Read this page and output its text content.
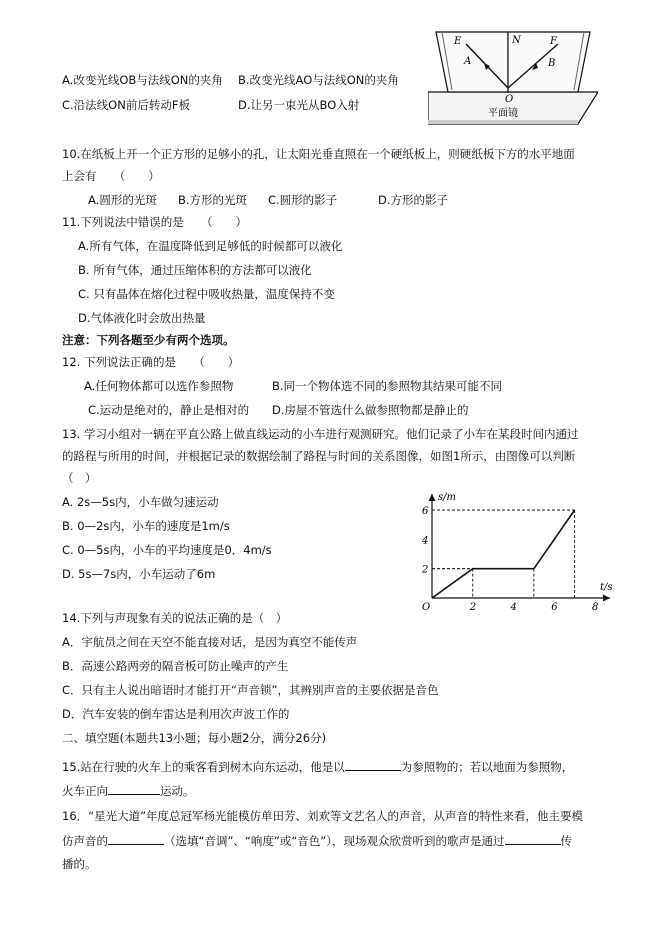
A.改变光线OB与法线ON的夹角 B.改变光线AO与法线ON的夹角
C.沿法线ON前后转动F板	D.让另一束光从BO入射
E	N	F
A	B
O
平面镜
10.在纸板上开一个正方形的足够小的孔，让太阳光垂直照在一个硬纸板上，则硬纸板下方的水平地面
上会有　　（　　）
A.圆形的光斑 B.方形的光斑 C.圆形的影子	D.方形的影子
11.下列说法中错误的是　　（　　）
A.所有气体，在温度降低到足够低的时候都可以液化
B. 所有气体，通过压缩体积的方法都可以液化
C. 只有晶体在熔化过程中吸收热量，温度保持不变
D.气体液化时会放出热量
注意：下列各题至少有两个选项。
12. 下列说法正确的是　　（　　）
A.任何物体都可以选作参照物	B.同一个物体选不同的参照物其结果可能不同
C.运动是绝对的，静止是相对的 D.房屋不管选什么做参照物都是静止的
13. 学习小组对一辆在平直公路上做直线运动的小车进行观测研究。他们记录了小车在某段时间内通过
的路程与所用的时间，并根据记录的数据绘制了路程与时间的关系图像，如图1所示，由图像可以判断
（　）
A. 2s—5s内，小车做匀速运动
B. 0—2s内，小车的速度是1m/s
C. 0—5s内，小车的平均速度是0．4m/s
D. 5s—7s内，小车运动了6m
s/m
t/s
O	2	4	6	8
2
4
6
14.下列与声现象有关的说法正确的是（　）
A．宇航员之间在天空不能直接对话，是因为真空不能传声
B．高速公路两旁的隔音板可防止噪声的产生
C．只有主人说出暗语时才能打开“声音锁”，其辨别声音的主要依据是音色
D．汽车安装的倒车雷达是利用次声波工作的
二、填空题(本题共13小题；每小题2分，满分26分)
15.站在行驶的火车上的乘客看到树木向东运动，他是以	为参照物的；若以地面为参照物，
火车正向	运动。
16．“星光大道”年度总冠军杨光能模仿单田芳、刘欢等文艺名人的声音，从声音的特性来看，他主要模
仿声音的	（选填“音调”、“响度”或“音色”），现场观众欣赏听到的歌声是通过	传
播的。
